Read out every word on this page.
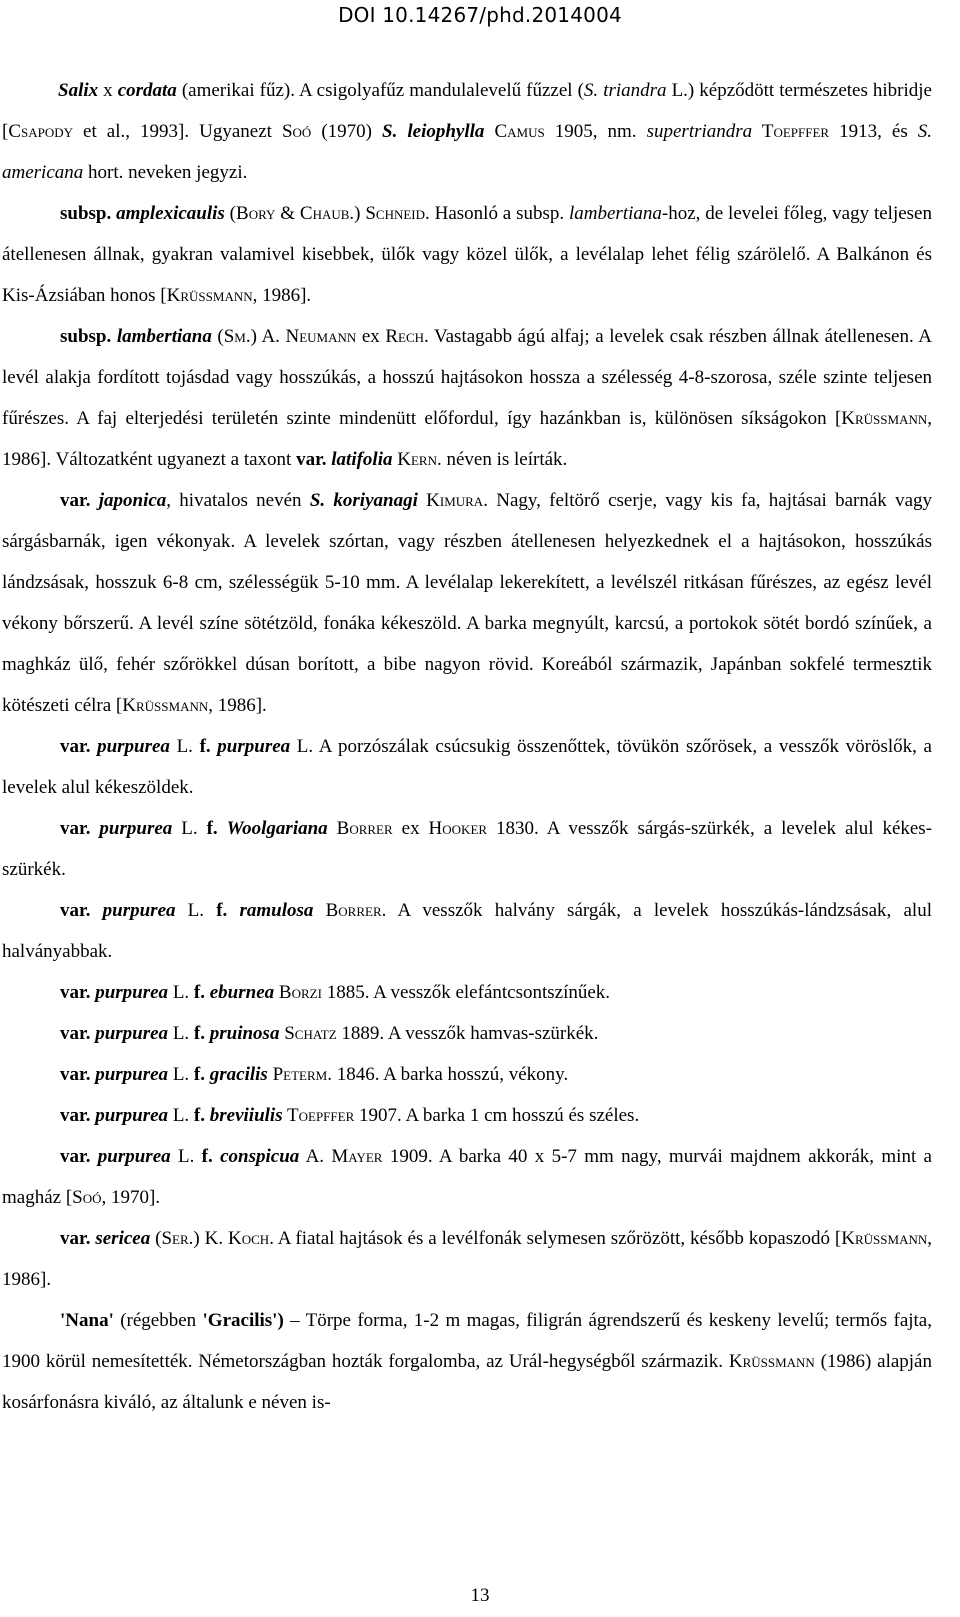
DOI 10.14267/phd.2014004

Salix x cordata (amerikai fűz). A csigolyafűz mandulalevelű fűzzel (S. triandra L.) képződött természetes hibridje [Csapody et al., 1993]. Ugyanezt Soó (1970) S. leiophylla Camus 1905, nm. supertriandra Toepffer 1913, és S. americana hort. neveken jegyzi.

subsp. amplexicaulis (Bory & Chaub.) Schneid. Hasonló a subsp. lambertiana-hoz, de levelei főleg, vagy teljesen átellenesen állnak, gyakran valamivel kisebbek, ülők vagy közel ülők, a levélalap lehet félig szárölelő. A Balkánon és Kis-Ázsiában honos [Krüssmann, 1986].

subsp. lambertiana (Sm.) A. Neumann ex Rech. Vastagabb ágú alfaj; a levelek csak részben állnak átellenesen. A levél alakja fordított tojásdad vagy hosszúkás, a hosszú hajtásokon hossza a szélesség 4-8-szorosa, széle szinte teljesen fűrészes. A faj elterjedési területén szinte mindenütt előfordul, így hazánkban is, különösen síkságokon [Krüssmann, 1986]. Változatként ugyanezt a taxont var. latifolia Kern. néven is leírták.

var. japonica, hivatalos nevén S. koriyanagi Kimura. Nagy, feltörő cserje, vagy kis fa, hajtásai barnák vagy sárgásbarnák, igen vékonyak. A levelek szórtan, vagy részben átellenesen helyezkednek el a hajtásokon, hosszúkás lándzsásak, hosszuk 6-8 cm, szélességük 5-10 mm. A levélalap lekerekített, a levélszél ritkásan fűrészes, az egész levél vékony bőrszerű. A levél színe sötétzöld, fonáka kékeszöld. A barka megnyúlt, karcsú, a portokok sötét bordó színűek, a maghkáz ülő, fehér szőrökkel dúsan borított, a bibe nagyon rövid. Koreából származik, Japánban sokfelé termesztik kötészeti célra [Krüssmann, 1986].

var. purpurea L. f. purpurea L. A porzószálak csúcsukig összenőttek, tövükön szőrösek, a vesszők vöröslők, a levelek alul kékeszöldek.

var. purpurea L. f. Woolgariana Borrer ex Hooker 1830. A vesszők sárgás-szürkék, a levelek alul kékes-szürkék.

var. purpurea L. f. ramulosa Borrer. A vesszők halvány sárgák, a levelek hosszúkás-lándzsásak, alul halványabbak.

var. purpurea L. f. eburnea Borzi 1885. A vesszők elefántcsontszínűek.

var. purpurea L. f. pruinosa Schatz 1889. A vesszők hamvas-szürkék.

var. purpurea L. f. gracilis Peterm. 1846. A barka hosszú, vékony.

var. purpurea L. f. breviiulis Toepffer 1907. A barka 1 cm hosszú és széles.

var. purpurea L. f. conspicua A. Mayer 1909. A barka 40 x 5-7 mm nagy, murvái majdnem akkorák, mint a magház [Soó, 1970].

var. sericea (Ser.) K. Koch. A fiatal hajtások és a levélfonák selymesen szőrözött, később kopaszodó [Krüssmann, 1986].

'Nana' (régebben 'Gracilis') – Törpe forma, 1-2 m magas, filigrán ágrendszerű és keskeny levelű; termős fajta, 1900 körül nemesítették. Németországban hozták forgalomba, az Urál-hegységből származik. Krüssmann (1986) alapján kosárfonásra kiváló, az általunk e néven is-

13
